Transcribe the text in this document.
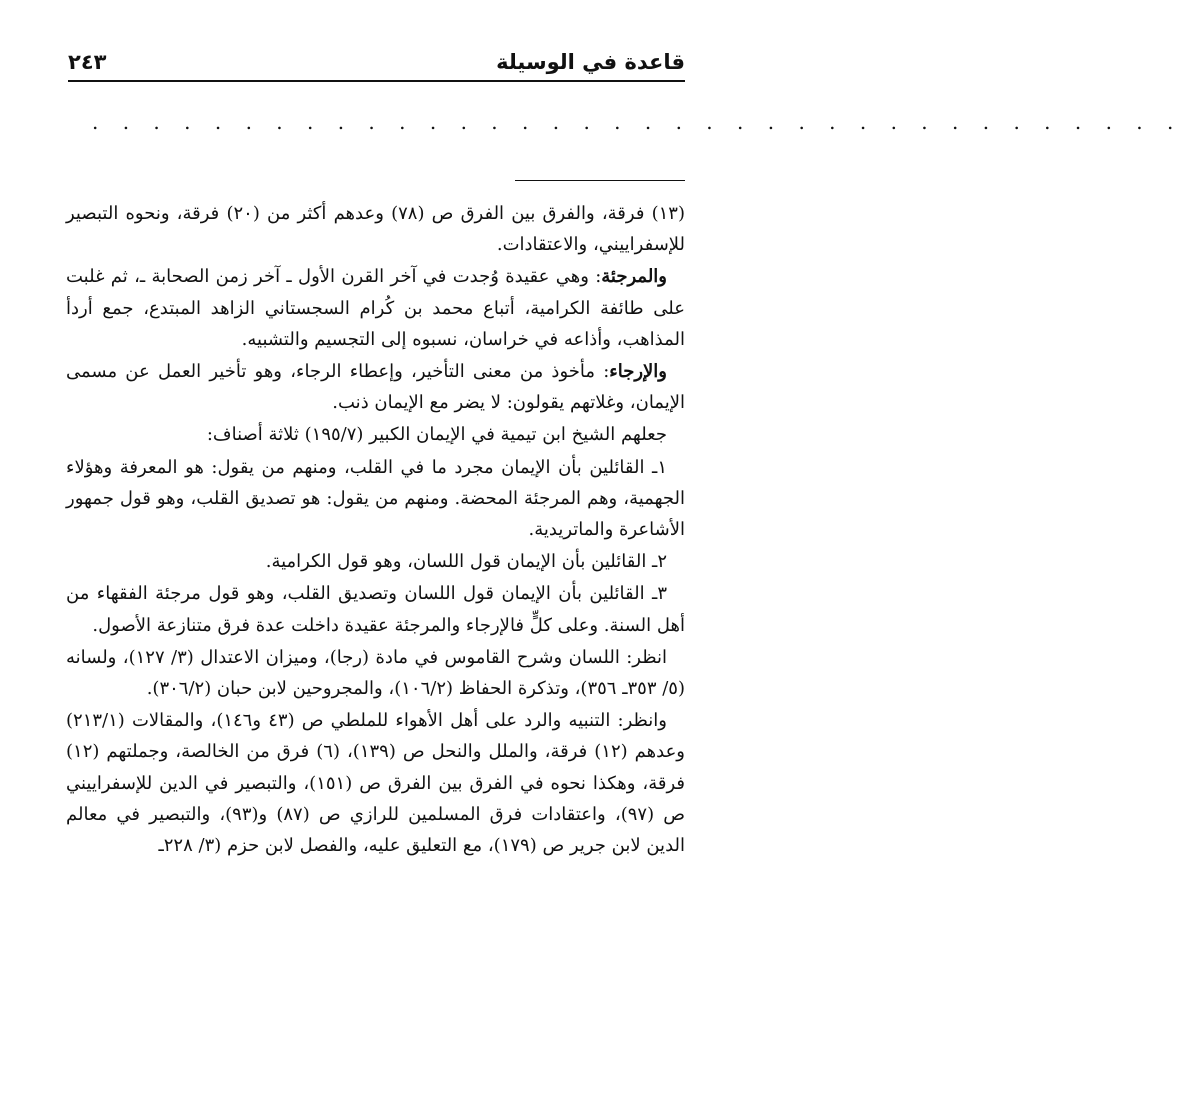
قاعدة في الوسيلة
٢٤٣
. . . . . . . . . . . . . . . . . . . . . . . . . . . . . . . . . . . .

(١٣) فرقة، والفرق بين الفرق ص (٧٨) وعدهم أكثر من (٢٠) فرقة، ونحوه التبصير للإسفراييني، والاعتقادات.

والمرجئة: وهي عقيدة وُجدت في آخر القرن الأول ـ آخر زمن الصحابة ـ، ثم غلبت على طائفة الكرامية، أتباع محمد بن كُرام السجستاني الزاهد المبتدع، جمع أردأ المذاهب، وأذاعه في خراسان، نسبوه إلى التجسيم والتشبيه.

والإرجاء: مأخوذ من معنى التأخير، وإعطاء الرجاء، وهو تأخير العمل عن مسمى الإيمان، وغلاتهم يقولون: لا يضر مع الإيمان ذنب.

جعلهم الشيخ ابن تيمية في الإيمان الكبير (١٩٥/٧) ثلاثة أصناف:

١ـ القائلين بأن الإيمان مجرد ما في القلب، ومنهم من يقول: هو المعرفة وهؤلاء الجهمية، وهم المرجئة المحضة. ومنهم من يقول: هو تصديق القلب، وهو قول جمهور الأشاعرة والماتريدية.

٢ـ القائلين بأن الإيمان قول اللسان، وهو قول الكرامية.

٣ـ القائلين بأن الإيمان قول اللسان وتصديق القلب، وهو قول مرجئة الفقهاء من أهل السنة. وعلى كلٍّ فالإرجاء والمرجئة عقيدة داخلت عدة فرق متنازعة الأصول.

انظر: اللسان وشرح القاموس في مادة (رجا)، وميزان الاعتدال (٣/ ١٢٧)، ولسانه (٥/ ٣٥٣ـ ٣٥٦)، وتذكرة الحفاظ (١٠٦/٢)، والمجروحين لابن حبان (٣٠٦/٢).

وانظر: التنبيه والرد على أهل الأهواء للملطي ص (٤٣ و١٤٦)، والمقالات (٢١٣/١) وعدهم (١٢) فرقة، والملل والنحل ص (١٣٩)، (٦) فرق من الخالصة، وجملتهم (١٢) فرقة، وهكذا نحوه في الفرق بين الفرق ص (١٥١)، والتبصير في الدين للإسفراييني ص (٩٧)، واعتقادات فرق المسلمين للرازي ص (٨٧) و(٩٣)، والتبصير في معالم الدين لابن جرير ص (١٧٩)، مع التعليق عليه، والفصل لابن حزم (٣/ ٢٢٨ـ
